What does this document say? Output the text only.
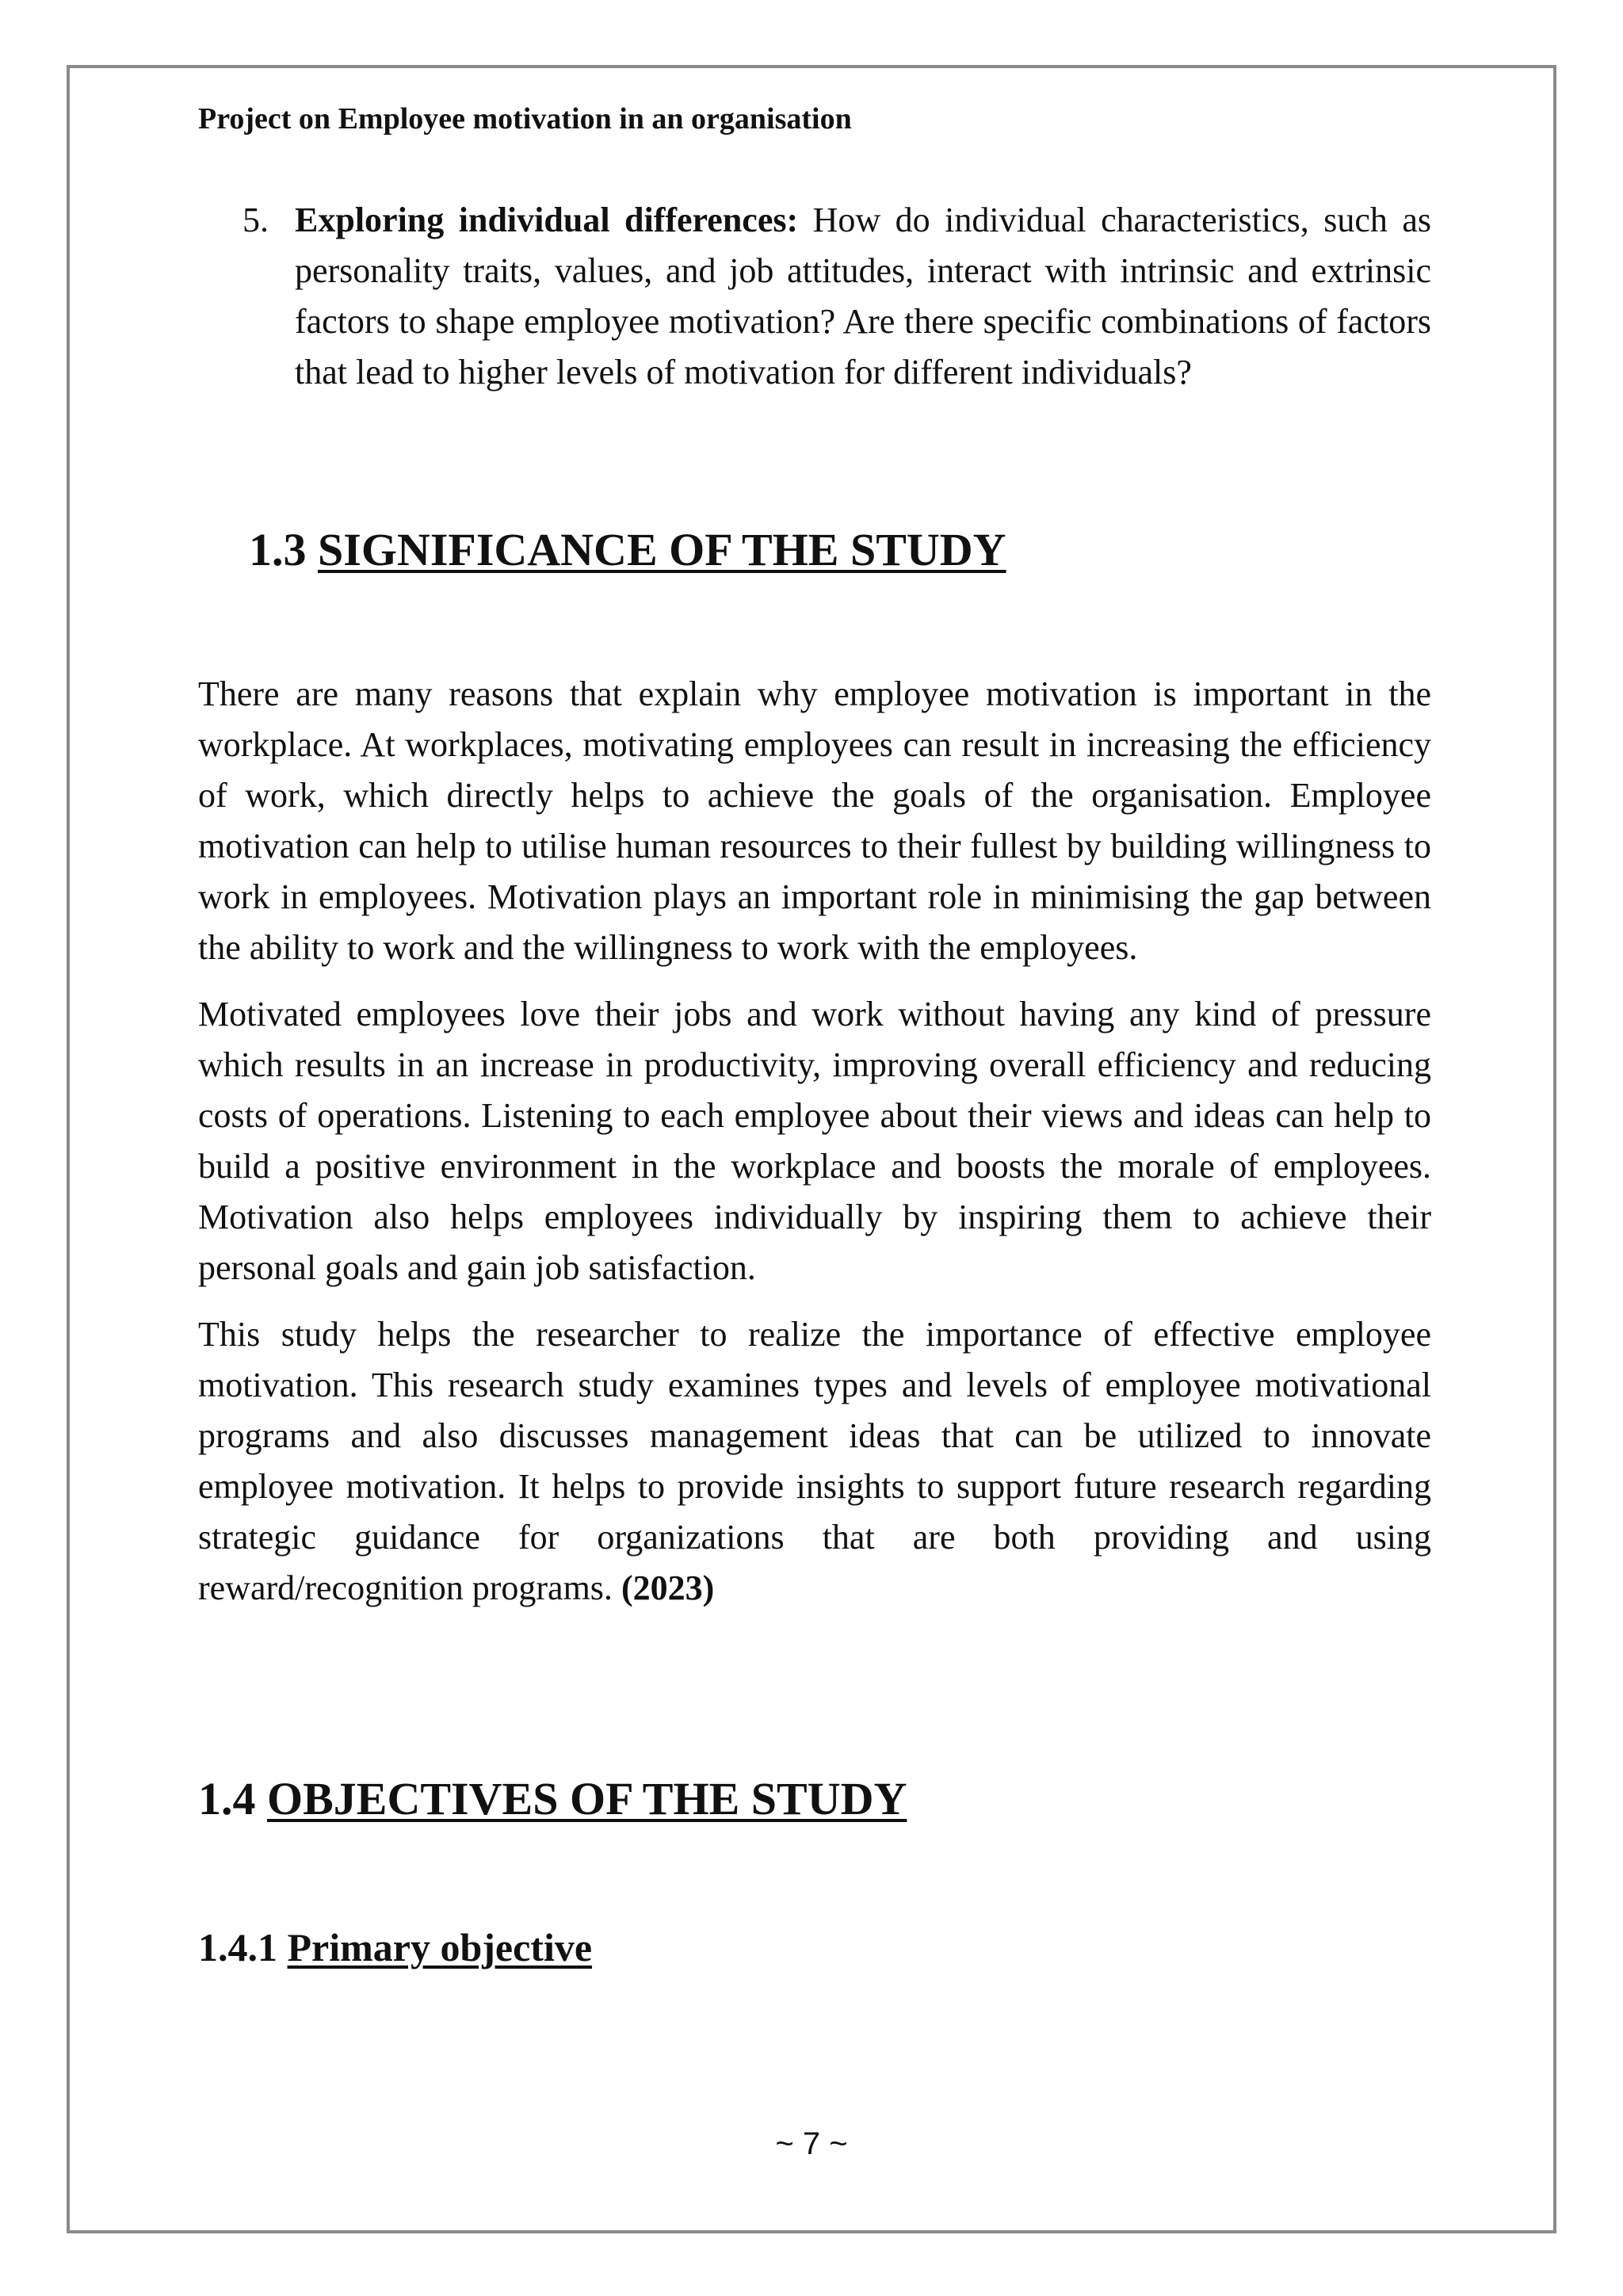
Project on Employee motivation in an organisation

5. Exploring individual differences: How do individual characteristics, such as personality traits, values, and job attitudes, interact with intrinsic and extrinsic factors to shape employee motivation? Are there specific combinations of factors that lead to higher levels of motivation for different individuals?
1.3 SIGNIFICANCE OF THE STUDY

There are many reasons that explain why employee motivation is important in the workplace. At workplaces, motivating employees can result in increasing the efficiency of work, which directly helps to achieve the goals of the organisation. Employee motivation can help to utilise human resources to their fullest by building willingness to work in employees. Motivation plays an important role in minimising the gap between the ability to work and the willingness to work with the employees.

Motivated employees love their jobs and work without having any kind of pressure which results in an increase in productivity, improving overall efficiency and reducing costs of operations. Listening to each employee about their views and ideas can help to build a positive environment in the workplace and boosts the morale of employees. Motivation also helps employees individually by inspiring them to achieve their personal goals and gain job satisfaction.

This study helps the researcher to realize the importance of effective employee motivation. This research study examines types and levels of employee motivational programs and also discusses management ideas that can be utilized to innovate employee motivation. It helps to provide insights to support future research regarding strategic guidance for organizations that are both providing and using reward/recognition programs. (2023)

1.4 OBJECTIVES OF THE STUDY
1.4.1 Primary objective
~ 7 ~
